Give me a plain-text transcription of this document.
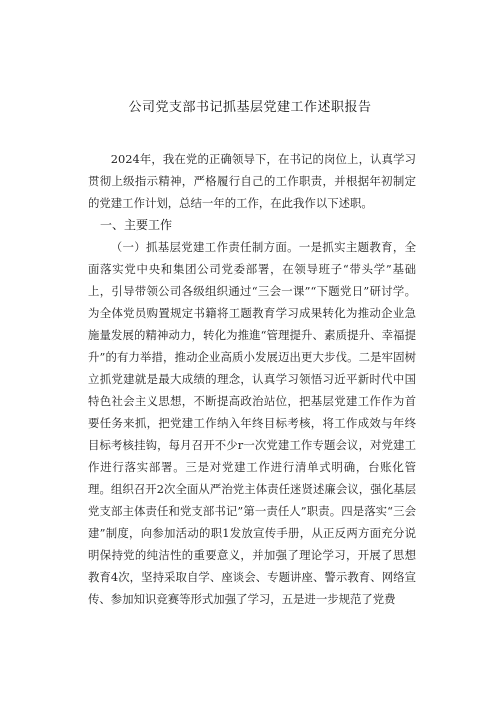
公司党支部书记抓基层党建工作述职报告

2024年，我在党的正确领导下，在书记的岗位上，认真学习贯彻上级指示精神，严格履行自己的工作职责，并根据年初制定的党建工作计划，总结一年的工作，在此我作以下述职。

一、主要工作

（一）抓基层党建工作责任制方面。一是抓实主题教育，全面落实党中央和集团公司党委部署，在领导班子“带头学”基础上，引导带领公司各级组织通过“三会一课”“下题党日”研讨学。为全体党员购置规定书籍将工题教育学习成果转化为推动企业急施量发展的精神动力，转化为推進“管理提升、素质提升、幸福提升”的有力举措，推动企业高质小发展迈出更大步伐。二是牢固树立抓党建就是最大成绩的理念，认真学习领悟习近平新时代中国特色社会主义思想，不断提高政治站位，把基层党建工作作为首要任务来抓，把党建工作纳入年终目标考核，将工作成效与年终目标考核挂钩，每月召开不少r一次党建工作专题会议，对党建工作进行落实部署。三是对党建工作进行清单式明确，台账化管理。组织召开2次全面从严治党主体责任迷贤述廉会议，强化基层党支部主体责任和党支部书记”第一责任人”职责。四是落实“三会建”制度，向参加活动的职1发放宣传手册，从正反两方面充分说明保持党的纯洁性的重要意义，并加强了理论学习，开展了思想教育4次，坚持采取自学、座谈会、专题讲座、警示教育、网络宣传、参加知识竞赛等形式加强了学习，五是进一步规范了党费
